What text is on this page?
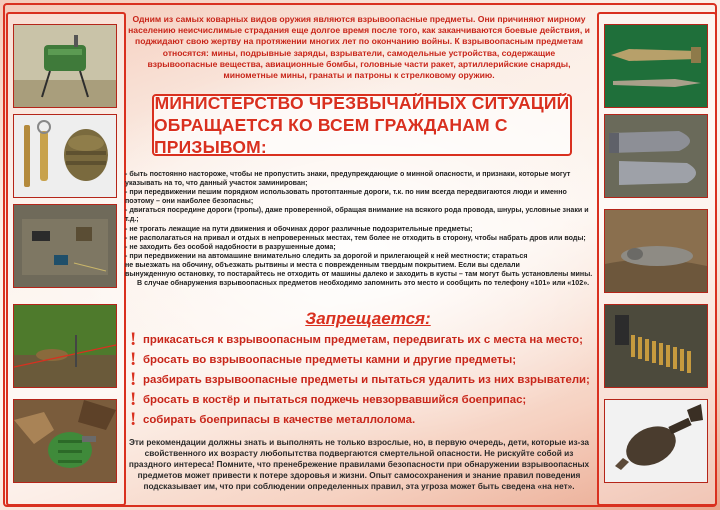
Одним из самых коварных видов оружия являются взрывоопасные предметы. Они причиняют мирному населению неисчислимые страдания еще долгое время после того, как заканчиваются боевые действия, и поджидают свою жертву на протяжении многих лет по окончанию войны. К взрывоопасным предметам относятся: мины, подрывные заряды, взрыватели, самодельные устройства, содержащие взрывоопасные вещества, авиационные бомбы, головные части ракет, артиллерийские снаряды, минометные мины, гранаты и патроны к стрелковому оружию.

МИНИСТЕРСТВО ЧРЕЗВЫЧАЙНЫХ СИТУАЦИЙ
ОБРАЩАЕТСЯ КО ВСЕМ ГРАЖДАНАМ С ПРИЗЫВОМ:
- быть постоянно настороже, чтобы не пропустить знаки, предупреждающие о минной опасности, и признаки, которые могут
указывать на то, что данный участок заминирован;
- при передвижении пешим порядком использовать протоптанные дороги, т.к. по ним всегда передвигаются люди и именно
поэтому – они наиболее безопасны;
- двигаться посредине дороги (тропы), даже проверенной, обращая внимание на всякого рода провода, шнуры, условные знаки и т.д.;
- не трогать лежащие на пути движения и обочинах дорог различные подозрительные предметы;
- не располагаться на привал и отдых в непроверенных местах, тем более не отходить в сторону, чтобы набрать дров или воды;
- не заходить без особой надобности в разрушенные дома;
- при передвижении на автомашине внимательно следить за дорогой и прилегающей к ней местности; стараться
не выезжать на обочину, объезжать рытвины и места с поврежденным твердым покрытием. Если вы сделали
вынужденную остановку, то постарайтесь не отходить от машины далеко и заходить в кусты – там могут быть установлены мины.
В случае обнаружения взрывоопасных предметов необходимо запомнить это место и сообщить по телефону «101» или «102».

Запрещается:

! прикасаться к взрывоопасным предметам, передвигать их с места на место;
! бросать во взрывоопасные предметы камни и другие предметы;
! разбирать взрывоопасные предметы и пытаться удалить из них взрыватели;
! бросать в костёр и пытаться поджечь невзорвавшийся боеприпас;
! собирать боеприпасы в качестве металлолома.

Эти рекомендации должны знать и выполнять не только взрослые, но, в первую очередь, дети, которые из-за свойственного их возрасту любопытства подвергаются смертельной опасности. Не рискуйте собой из праздного интереса! Помните, что пренебрежение правилами безопасности при обнаружении взрывоопасных предметов может привести к потере здоровья и жизни. Опыт самосохранения и знание правил поведения подсказывает им, что при соблюдении определенных правил, эта угроза может быть сведена «на нет».
